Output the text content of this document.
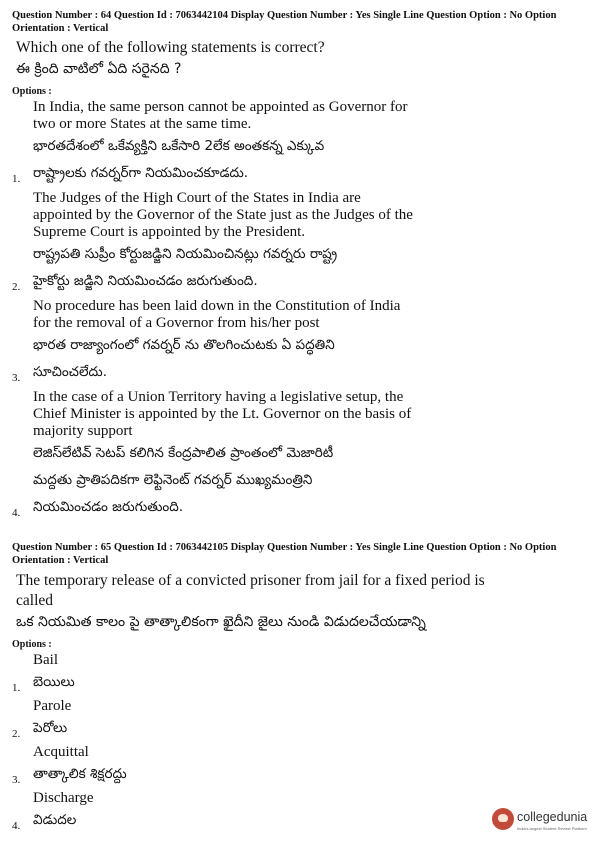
Question Number : 64 Question Id : 7063442104 Display Question Number : Yes Single Line Question Option : No Option
Orientation : Vertical
Which one of the following statements is correct?
ఈ క్రింది వాటిలో ఏది సరైనది ?
Options :
1.
In India, the same person cannot be appointed as Governor for
two or more States at the same time.
భారతదేశంలో ఒకేవ్యక్తిని ఒకేసారి 2లేక అంతకన్న ఎక్కువ
రాష్ట్రాలకు గవర్నర్‌గా నియమించకూడదు.
2.
The Judges of the High Court of the States in India are
appointed by the Governor of the State just as the Judges of the
Supreme Court is appointed by the President.
రాష్ట్రపతి సుప్రీం కోర్టుజడ్జిని నియమించినట్లు గవర్నరు రాష్ట్ర
హైకోర్టు జడ్జిని నియమించడం జరుగుతుంది.
3.
No procedure has been laid down in the Constitution of India
for the removal of a Governor from his/her post
భారత రాజ్యాంగంలో గవర్నర్ ను తొలగించుటకు ఏ పద్ధతిని
సూచించలేదు.
4.
In the case of a Union Territory having a legislative setup, the
Chief Minister is appointed by the Lt. Governor on the basis of
majority support
లెజిస్‌లేటివ్ సెటప్ కలిగిన కేంద్రపాలిత ప్రాంతంలో మెజారిటీ
మద్దతు ప్రాతిపదికగా లెఫ్టినెంట్ గవర్నర్ ముఖ్యమంత్రిని
నియమించడం జరుగుతుంది.
Question Number : 65 Question Id : 7063442105 Display Question Number : Yes Single Line Question Option : No Option
Orientation : Vertical
The temporary release of a convicted prisoner from jail for a fixed period is
called
ఒక నియమిత కాలం పై తాత్కాలికంగా ఖైదీని జైలు నుండి విడుదలచేయడాన్ని
Options :
1.
Bail
బెయిలు
2.
Parole
పెరోలు
3.
Acquittal
తాత్కాలిక శిక్షరద్దు
4.
Discharge
విడుదల	collegedunia
India's largest Student Review Platform
